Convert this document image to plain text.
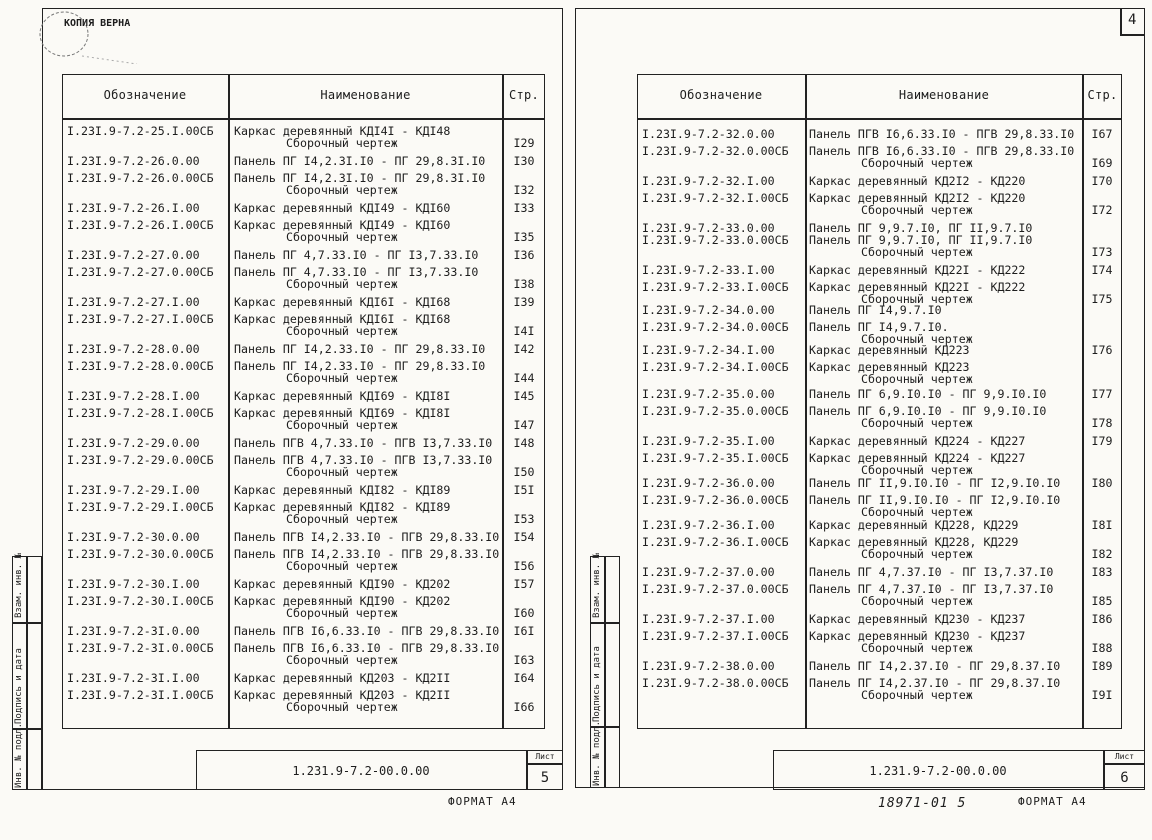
КОПИЯ ВЕРНА
Обозначение	Наименование	Стр.
I.23I.9-7.2-25.I.00СБ Каркас деревянный КДI4I - КДI48
Сборочный чертеж	I29
I.23I.9-7.2-26.0.00	Панель ПГ I4,2.3I.I0 - ПГ 29,8.3I.I0	I30
I.23I.9-7.2-26.0.00СБ Панель ПГ I4,2.3I.I0 - ПГ 29,8.3I.I0
Сборочный чертеж	I32
I.23I.9-7.2-26.I.00	Каркас деревянный КДI49 - КДI60	I33
I.23I.9-7.2-26.I.00СБ Каркас деревянный КДI49 - КДI60
Сборочный чертеж	I35
I.23I.9-7.2-27.0.00	Панель ПГ 4,7.33.I0 - ПГ I3,7.33.I0	I36
I.23I.9-7.2-27.0.00СБ Панель ПГ 4,7.33.I0 - ПГ I3,7.33.I0
Сборочный чертеж	I38
I.23I.9-7.2-27.I.00	Каркас деревянный КДI6I - КДI68	I39
I.23I.9-7.2-27.I.00СБ Каркас деревянный КДI6I - КДI68
Сборочный чертеж	I4I
I.23I.9-7.2-28.0.00	Панель ПГ I4,2.33.I0 - ПГ 29,8.33.I0	I42
I.23I.9-7.2-28.0.00СБ Панель ПГ I4,2.33.I0 - ПГ 29,8.33.I0
Сборочный чертеж	I44
I.23I.9-7.2-28.I.00	Каркас деревянный КДI69 - КДI8I	I45
I.23I.9-7.2-28.I.00СБ Каркас деревянный КДI69 - КДI8I
Сборочный чертеж	I47
I.23I.9-7.2-29.0.00	Панель ПГВ 4,7.33.I0 - ПГВ I3,7.33.I0	I48
I.23I.9-7.2-29.0.00СБ Панель ПГВ 4,7.33.I0 - ПГВ I3,7.33.I0
Сборочный чертеж	I50
I.23I.9-7.2-29.I.00	Каркас деревянный КДI82 - КДI89	I5I
I.23I.9-7.2-29.I.00СБ Каркас деревянный КДI82 - КДI89
Сборочный чертеж	I53
I.23I.9-7.2-30.0.00	Панель ПГВ I4,2.33.I0 - ПГВ 29,8.33.I0	I54
I.23I.9-7.2-30.0.00СБ Панель ПГВ I4,2.33.I0 - ПГВ 29,8.33.I0
Сборочный чертеж	I56
I.23I.9-7.2-30.I.00	Каркас деревянный КДI90 - КД202	I57
I.23I.9-7.2-30.I.00СБ Каркас деревянный КДI90 - КД202
Сборочный чертеж	I60
I.23I.9-7.2-3I.0.00	Панель ПГВ I6,6.33.I0 - ПГВ 29,8.33.I0	I6I
I.23I.9-7.2-3I.0.00СБ Панель ПГВ I6,6.33.I0 - ПГВ 29,8.33.I0
Сборочный чертеж	I63
I.23I.9-7.2-3I.I.00	Каркас деревянный КД203 - КД2II	I64
I.23I.9-7.2-3I.I.00СБ Каркас деревянный КД203 - КД2II
Сборочный чертеж	I66
Инв. № подл.
Подпись и дата
Взам. инв. №
1.231.9-7.2-00.0.00
Лист
5
ФОРМАТ А4
4
Обозначение	Наименование	Стр.
I.23I.9-7.2-32.0.00	Панель ПГВ I6,6.33.I0 - ПГВ 29,8.33.I0	I67
I.23I.9-7.2-32.0.00СБ Панель ПГВ I6,6.33.I0 - ПГВ 29,8.33.I0
Сборочный чертеж	I69
I.23I.9-7.2-32.I.00	Каркас деревянный КД2I2 - КД220	I70
I.23I.9-7.2-32.I.00СБ Каркас деревянный КД2I2 - КД220
Сборочный чертеж	I72
I.23I.9-7.2-33.0.00	Панель ПГ 9,9.7.I0, ПГ II,9.7.I0
I.23I.9-7.2-33.0.00СБ Панель ПГ 9,9.7.I0, ПГ II,9.7.I0
Сборочный чертеж	I73
I.23I.9-7.2-33.I.00	Каркас деревянный КД22I - КД222	I74
I.23I.9-7.2-33.I.00СБ Каркас деревянный КД22I - КД222
Сборочный чертеж	I75
I.23I.9-7.2-34.0.00	Панель ПГ I4,9.7.I0
I.23I.9-7.2-34.0.00СБ Панель ПГ I4,9.7.I0.
Сборочный чертеж
I.23I.9-7.2-34.I.00	Каркас деревянный КД223	I76
I.23I.9-7.2-34.I.00СБ Каркас деревянный КД223
Сборочный чертеж
I.23I.9-7.2-35.0.00	Панель ПГ 6,9.I0.I0 - ПГ 9,9.I0.I0	I77
I.23I.9-7.2-35.0.00СБ Панель ПГ 6,9.I0.I0 - ПГ 9,9.I0.I0
Сборочный чертеж	I78
I.23I.9-7.2-35.I.00	Каркас деревянный КД224 - КД227	I79
I.23I.9-7.2-35.I.00СБ Каркас деревянный КД224 - КД227
Сборочный чертеж
I.23I.9-7.2-36.0.00	Панель ПГ II,9.I0.I0 - ПГ I2,9.I0.I0	I80
I.23I.9-7.2-36.0.00СБ Панель ПГ II,9.I0.I0 - ПГ I2,9.I0.I0
Сборочный чертеж
I.23I.9-7.2-36.I.00	Каркас деревянный КД228, КД229	I8I
I.23I.9-7.2-36.I.00СБ Каркас деревянный КД228, КД229
Сборочный чертеж	I82
I.23I.9-7.2-37.0.00	Панель ПГ 4,7.37.I0 - ПГ I3,7.37.I0	I83
I.23I.9-7.2-37.0.00СБ Панель ПГ 4,7.37.I0 - ПГ I3,7.37.I0
Сборочный чертеж	I85
I.23I.9-7.2-37.I.00	Каркас деревянный КД230 - КД237	I86
I.23I.9-7.2-37.I.00СБ Каркас деревянный КД230 - КД237
Сборочный чертеж	I88
I.23I.9-7.2-38.0.00	Панель ПГ I4,2.37.I0 - ПГ 29,8.37.I0	I89
I.23I.9-7.2-38.0.00СБ Панель ПГ I4,2.37.I0 - ПГ 29,8.37.I0
Сборочный чертеж	I9I
Инв. № подл.
Подпись и дата
Взам. инв. №
1.231.9-7.2-00.0.00
Лист
6
18971-01 5	ФОРМАТ А4
